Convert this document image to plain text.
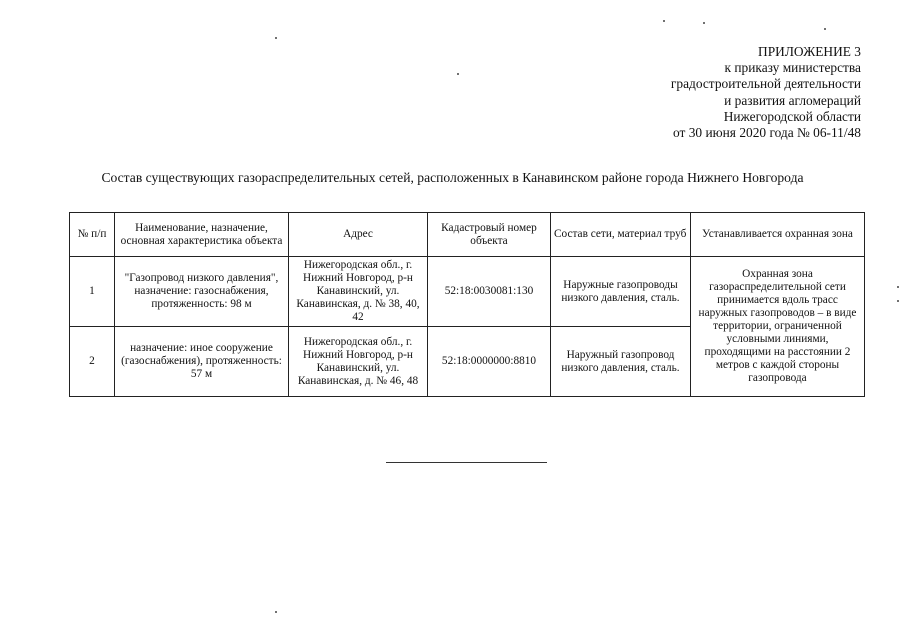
ПРИЛОЖЕНИЕ 3
к приказу министерства
градостроительной деятельности
и развития агломераций
Нижегородской области
от 30 июня 2020 года № 06-11/48
Состав существующих газораспределительных сетей, расположенных в Канавинском районе города Нижнего Новгорода
№ п/п	Наименование, назначение, основная характеристика объекта	Адрес	Кадастровый номер объекта	Состав сети, материал труб	Устанавливается охранная зона
1	"Газопровод низкого давления", назначение: газоснабжения, протяженность: 98 м	Нижегородская обл., г. Нижний Новгород, р-н Канавинский, ул. Канавинская, д. № 38, 40, 42	52:18:0030081:130	Наружные газопроводы низкого давления, сталь.	Охранная зона газораспределительной сети принимается вдоль трасс наружных газопроводов – в виде территории, ограниченной условными линиями, проходящими на расстоянии 2 метров с каждой стороны газопровода
2	назначение: иное сооружение (газоснабжения), протяженность: 57 м	Нижегородская обл., г. Нижний Новгород, р-н Канавинский, ул. Канавинская, д. № 46, 48	52:18:0000000:8810	Наружный газопровод низкого давления, сталь.	
